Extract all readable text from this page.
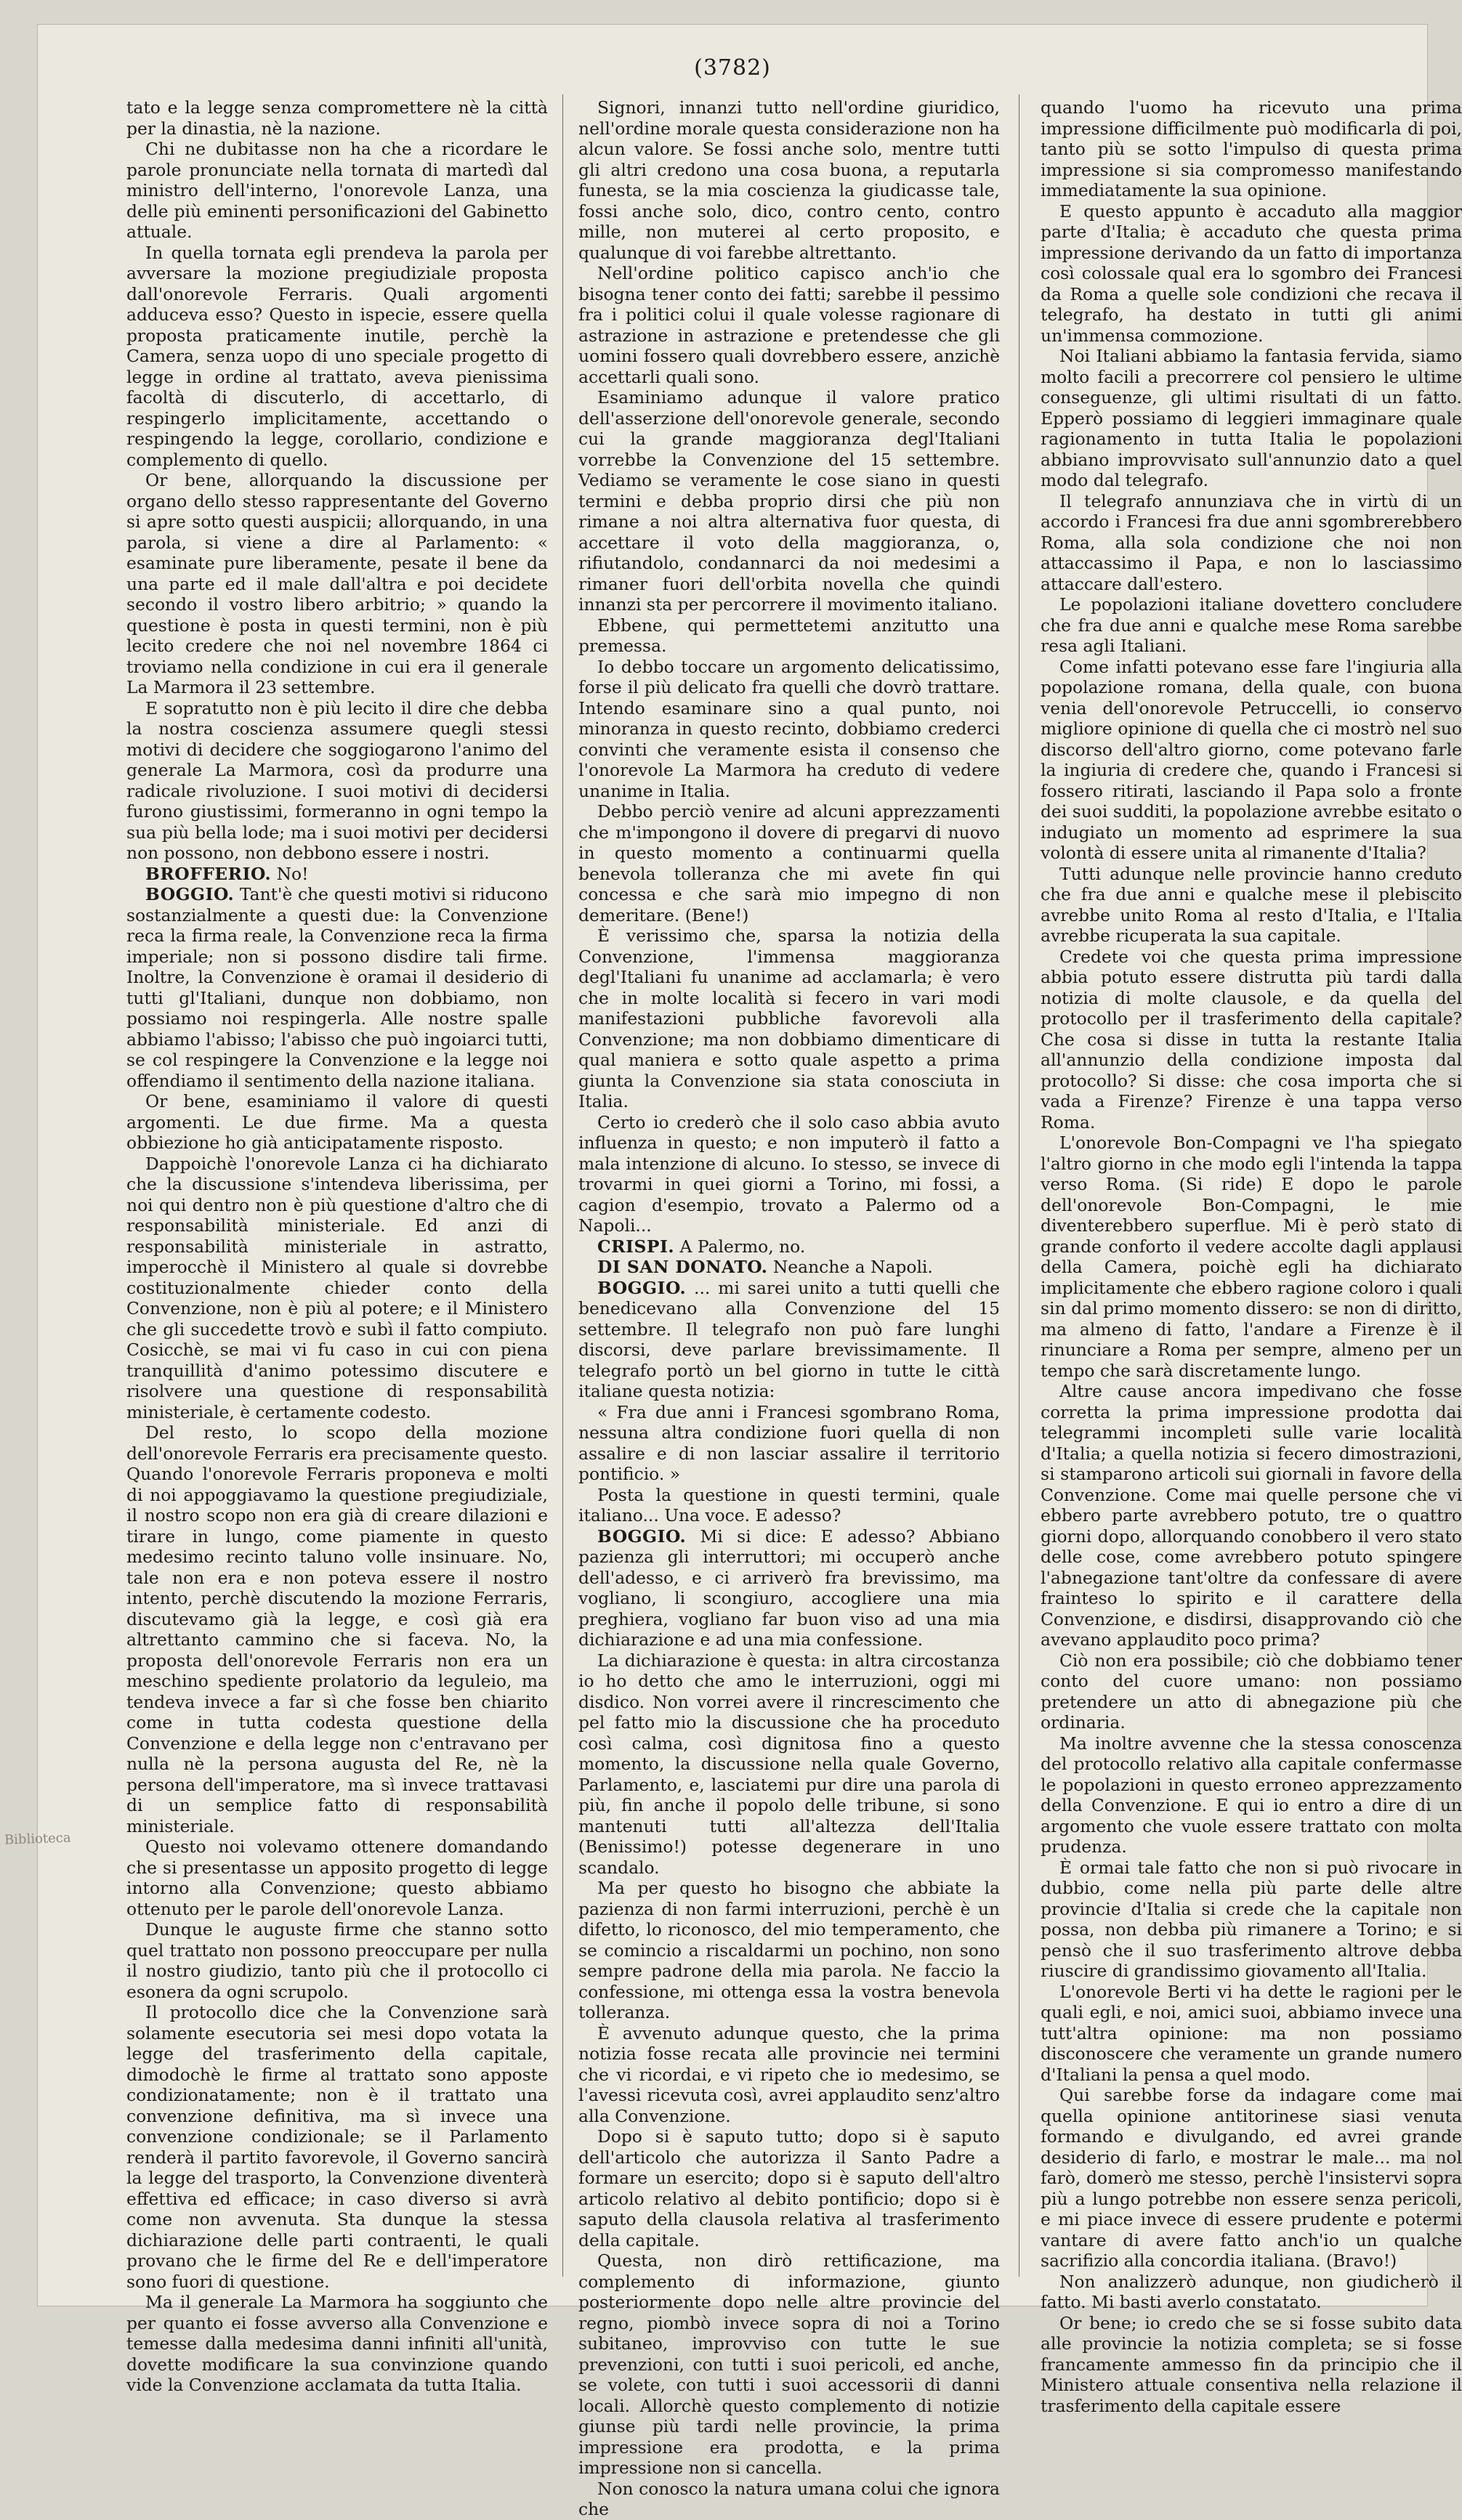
(3782)

tato e la legge senza compromettere nè la città per la dinastia, nè la nazione.

Chi ne dubitasse non ha che a ricordare le parole pronunciate nella tornata di martedì dal ministro dell'interno, l'onorevole Lanza, una delle più eminenti personificazioni del Gabinetto attuale.

In quella tornata egli prendeva la parola per avversare la mozione pregiudiziale proposta dall'onorevole Ferraris. Quali argomenti adduceva esso? Questo in ispecie, essere quella proposta praticamente inutile, perchè la Camera, senza uopo di uno speciale progetto di legge in ordine al trattato, aveva pienissima facoltà di discuterlo, di accettarlo, di respingerlo implicitamente, accettando o respingendo la legge, corollario, condizione e complemento di quello.

Or bene, allorquando la discussione per organo dello stesso rappresentante del Governo si apre sotto questi auspicii; allorquando, in una parola, si viene a dire al Parlamento: « esaminate pure liberamente, pesate il bene da una parte ed il male dall'altra e poi decidete secondo il vostro libero arbitrio; » quando la questione è posta in questi termini, non è più lecito credere che noi nel novembre 1864 ci troviamo nella condizione in cui era il generale La Marmora il 23 settembre.

E sopratutto non è più lecito il dire che debba la nostra coscienza assumere quegli stessi motivi di decidere che soggiogarono l'animo del generale La Marmora, così da produrre una radicale rivoluzione. I suoi motivi di decidersi furono giustissimi, formeranno in ogni tempo la sua più bella lode; ma i suoi motivi per decidersi non possono, non debbono essere i nostri.

BROFFERIO. No!

BOGGIO. Tant'è che questi motivi si riducono sostanzialmente a questi due: la Convenzione reca la firma reale, la Convenzione reca la firma imperiale; non si possono disdire tali firme. Inoltre, la Convenzione è oramai il desiderio di tutti gl'Italiani, dunque non dobbiamo, non possiamo noi respingerla. Alle nostre spalle abbiamo l'abisso; l'abisso che può ingoiarci tutti, se col respingere la Convenzione e la legge noi offendiamo il sentimento della nazione italiana.

Or bene, esaminiamo il valore di questi argomenti. Le due firme. Ma a questa obbiezione ho già anticipatamente risposto.

Dappoichè l'onorevole Lanza ci ha dichiarato che la discussione s'intendeva liberissima, per noi qui dentro non è più questione d'altro che di responsabilità ministeriale. Ed anzi di responsabilità ministeriale in astratto, imperocchè il Ministero al quale si dovrebbe costituzionalmente chieder conto della Convenzione, non è più al potere; e il Ministero che gli succedette trovò e subì il fatto compiuto. Cosicchè, se mai vi fu caso in cui con piena tranquillità d'animo potessimo discutere e risolvere una questione di responsabilità ministeriale, è certamente codesto.

Del resto, lo scopo della mozione dell'onorevole Ferraris era precisamente questo. Quando l'onorevole Ferraris proponeva e molti di noi appoggiavamo la questione pregiudiziale, il nostro scopo non era già di creare dilazioni e tirare in lungo, come piamente in questo medesimo recinto taluno volle insinuare. No, tale non era e non poteva essere il nostro intento, perchè discutendo la mozione Ferraris, discutevamo già la legge, e così già era altrettanto cammino che si faceva. No, la proposta dell'onorevole Ferraris non era un meschino spediente prolatorio da leguleio, ma tendeva invece a far sì che fosse ben chiarito come in tutta codesta questione della Convenzione e della legge non c'entravano per nulla nè la persona augusta del Re, nè la persona dell'imperatore, ma sì invece trattavasi di un semplice fatto di responsabilità ministeriale.

Questo noi volevamo ottenere domandando che si presentasse un apposito progetto di legge intorno alla Convenzione; questo abbiamo ottenuto per le parole dell'onorevole Lanza.

Dunque le auguste firme che stanno sotto quel trattato non possono preoccupare per nulla il nostro giudizio, tanto più che il protocollo ci esonera da ogni scrupolo.

Il protocollo dice che la Convenzione sarà solamente esecutoria sei mesi dopo votata la legge del trasferimento della capitale, dimodochè le firme al trattato sono apposte condizionatamente; non è il trattato una convenzione definitiva, ma sì invece una convenzione condizionale; se il Parlamento renderà il partito favorevole, il Governo sancirà la legge del trasporto, la Convenzione diventerà effettiva ed efficace; in caso diverso si avrà come non avvenuta. Sta dunque la stessa dichiarazione delle parti contraenti, le quali provano che le firme del Re e dell'imperatore sono fuori di questione.

Ma il generale La Marmora ha soggiunto che per quanto ei fosse avverso alla Convenzione e temesse dalla medesima danni infiniti all'unità, dovette modificare la sua convinzione quando vide la Convenzione acclamata da tutta Italia.

Signori, innanzi tutto nell'ordine giuridico, nell'ordine morale questa considerazione non ha alcun valore. Se fossi anche solo, mentre tutti gli altri credono una cosa buona, a reputarla funesta, se la mia coscienza la giudicasse tale, fossi anche solo, dico, contro cento, contro mille, non muterei al certo proposito, e qualunque di voi farebbe altrettanto.

Nell'ordine politico capisco anch'io che bisogna tener conto dei fatti; sarebbe il pessimo fra i politici colui il quale volesse ragionare di astrazione in astrazione e pretendesse che gli uomini fossero quali dovrebbero essere, anzichè accettarli quali sono.

Esaminiamo adunque il valore pratico dell'asserzione dell'onorevole generale, secondo cui la grande maggioranza degl'Italiani vorrebbe la Convenzione del 15 settembre. Vediamo se veramente le cose siano in questi termini e debba proprio dirsi che più non rimane a noi altra alternativa fuor questa, di accettare il voto della maggioranza, o, rifiutandolo, condannarci da noi medesimi a rimaner fuori dell'orbita novella che quindi innanzi sta per percorrere il movimento italiano.

Ebbene, qui permettetemi anzitutto una premessa.

Io debbo toccare un argomento delicatissimo, forse il più delicato fra quelli che dovrò trattare. Intendo esaminare sino a qual punto, noi minoranza in questo recinto, dobbiamo crederci convinti che veramente esista il consenso che l'onorevole La Marmora ha creduto di vedere unanime in Italia.

Debbo perciò venire ad alcuni apprezzamenti che m'impongono il dovere di pregarvi di nuovo in questo momento a continuarmi quella benevola tolleranza che mi avete fin qui concessa e che sarà mio impegno di non demeritare. (Bene!)

È verissimo che, sparsa la notizia della Convenzione, l'immensa maggioranza degl'Italiani fu unanime ad acclamarla; è vero che in molte località si fecero in vari modi manifestazioni pubbliche favorevoli alla Convenzione; ma non dobbiamo dimenticare di qual maniera e sotto quale aspetto a prima giunta la Convenzione sia stata conosciuta in Italia.

Certo io crederò che il solo caso abbia avuto influenza in questo; e non imputerò il fatto a mala intenzione di alcuno. Io stesso, se invece di trovarmi in quei giorni a Torino, mi fossi, a cagion d'esempio, trovato a Palermo od a Napoli...

CRISPI. A Palermo, no.

DI SAN DONATO. Neanche a Napoli.

BOGGIO. ... mi sarei unito a tutti quelli che benedicevano alla Convenzione del 15 settembre. Il telegrafo non può fare lunghi discorsi, deve parlare brevissimamente. Il telegrafo portò un bel giorno in tutte le città italiane questa notizia:

« Fra due anni i Francesi sgombrano Roma, nessuna altra condizione fuori quella di non assalire e di non lasciar assalire il territorio pontificio. »

Posta la questione in questi termini, quale italiano... Una voce. E adesso?

BOGGIO. Mi si dice: E adesso? Abbiano pazienza gli interruttori; mi occuperò anche dell'adesso, e ci arriverò fra brevissimo, ma vogliano, li scongiuro, accogliere una mia preghiera, vogliano far buon viso ad una mia dichiarazione e ad una mia confessione.

La dichiarazione è questa: in altra circostanza io ho detto che amo le interruzioni, oggi mi disdico. Non vorrei avere il rincrescimento che pel fatto mio la discussione che ha proceduto così calma, così dignitosa fino a questo momento, la discussione nella quale Governo, Parlamento, e, lasciatemi pur dire una parola di più, fin anche il popolo delle tribune, si sono mantenuti tutti all'altezza dell'Italia (Benissimo!) potesse degenerare in uno scandalo.

Ma per questo ho bisogno che abbiate la pazienza di non farmi interruzioni, perchè è un difetto, lo riconosco, del mio temperamento, che se comincio a riscaldarmi un pochino, non sono sempre padrone della mia parola. Ne faccio la confessione, mi ottenga essa la vostra benevola tolleranza.

È avvenuto adunque questo, che la prima notizia fosse recata alle provincie nei termini che vi ricordai, e vi ripeto che io medesimo, se l'avessi ricevuta così, avrei applaudito senz'altro alla Convenzione.

Dopo si è saputo tutto; dopo si è saputo dell'articolo che autorizza il Santo Padre a formare un esercito; dopo si è saputo dell'altro articolo relativo al debito pontificio; dopo si è saputo della clausola relativa al trasferimento della capitale.

Questa, non dirò rettificazione, ma complemento di informazione, giunto posteriormente dopo nelle altre provincie del regno, piombò invece sopra di noi a Torino subitaneo, improvviso con tutte le sue prevenzioni, con tutti i suoi pericoli, ed anche, se volete, con tutti i suoi accessorii di danni locali. Allorchè questo complemento di notizie giunse più tardi nelle provincie, la prima impressione era prodotta, e la prima impressione non si cancella.

Non conosco la natura umana colui che ignora che

quando l'uomo ha ricevuto una prima impressione difficilmente può modificarla di poi, tanto più se sotto l'impulso di questa prima impressione si sia compromesso manifestando immediatamente la sua opinione.

E questo appunto è accaduto alla maggior parte d'Italia; è accaduto che questa prima impressione derivando da un fatto di importanza così colossale qual era lo sgombro dei Francesi da Roma a quelle sole condizioni che recava il telegrafo, ha destato in tutti gli animi un'immensa commozione.

Noi Italiani abbiamo la fantasia fervida, siamo molto facili a precorrere col pensiero le ultime conseguenze, gli ultimi risultati di un fatto. Epperò possiamo di leggieri immaginare quale ragionamento in tutta Italia le popolazioni abbiano improvvisato sull'annunzio dato a quel modo dal telegrafo.

Il telegrafo annunziava che in virtù di un accordo i Francesi fra due anni sgombrerebbero Roma, alla sola condizione che noi non attaccassimo il Papa, e non lo lasciassimo attaccare dall'estero.

Le popolazioni italiane dovettero concludere che fra due anni e qualche mese Roma sarebbe resa agli Italiani.

Come infatti potevano esse fare l'ingiuria alla popolazione romana, della quale, con buona venia dell'onorevole Petruccelli, io conservo migliore opinione di quella che ci mostrò nel suo discorso dell'altro giorno, come potevano farle la ingiuria di credere che, quando i Francesi si fossero ritirati, lasciando il Papa solo a fronte dei suoi sudditi, la popolazione avrebbe esitato o indugiato un momento ad esprimere la sua volontà di essere unita al rimanente d'Italia?

Tutti adunque nelle provincie hanno creduto che fra due anni e qualche mese il plebiscito avrebbe unito Roma al resto d'Italia, e l'Italia avrebbe ricuperata la sua capitale.

Credete voi che questa prima impressione abbia potuto essere distrutta più tardi dalla notizia di molte clausole, e da quella del protocollo per il trasferimento della capitale? Che cosa si disse in tutta la restante Italia all'annunzio della condizione imposta dal protocollo? Si disse: che cosa importa che si vada a Firenze? Firenze è una tappa verso Roma.

L'onorevole Bon-Compagni ve l'ha spiegato l'altro giorno in che modo egli l'intenda la tappa verso Roma. (Si ride) E dopo le parole dell'onorevole Bon-Compagni, le mie diventerebbero superflue. Mi è però stato di grande conforto il vedere accolte dagli applausi della Camera, poichè egli ha dichiarato implicitamente che ebbero ragione coloro i quali sin dal primo momento dissero: se non di diritto, ma almeno di fatto, l'andare a Firenze è il rinunciare a Roma per sempre, almeno per un tempo che sarà discretamente lungo.

Altre cause ancora impedivano che fosse corretta la prima impressione prodotta dai telegrammi incompleti sulle varie località d'Italia; a quella notizia si fecero dimostrazioni, si stamparono articoli sui giornali in favore della Convenzione. Come mai quelle persone che vi ebbero parte avrebbero potuto, tre o quattro giorni dopo, allorquando conobbero il vero stato delle cose, come avrebbero potuto spingere l'abnegazione tant'oltre da confessare di avere frainteso lo spirito e il carattere della Convenzione, e disdirsi, disapprovando ciò che avevano applaudito poco prima?

Ciò non era possibile; ciò che dobbiamo tener conto del cuore umano: non possiamo pretendere un atto di abnegazione più che ordinaria.

Ma inoltre avvenne che la stessa conoscenza del protocollo relativo alla capitale confermasse le popolazioni in questo erroneo apprezzamento della Convenzione. E qui io entro a dire di un argomento che vuole essere trattato con molta prudenza.

È ormai tale fatto che non si può rivocare in dubbio, come nella più parte delle altre provincie d'Italia si crede che la capitale non possa, non debba più rimanere a Torino; e si pensò che il suo trasferimento altrove debba riuscire di grandissimo giovamento all'Italia.

L'onorevole Berti vi ha dette le ragioni per le quali egli, e noi, amici suoi, abbiamo invece una tutt'altra opinione: ma non possiamo disconoscere che veramente un grande numero d'Italiani la pensa a quel modo.

Qui sarebbe forse da indagare come mai quella opinione antitorinese siasi venuta formando e divulgando, ed avrei grande desiderio di farlo, e mostrar le male... ma nol farò, domerò me stesso, perchè l'insistervi sopra più a lungo potrebbe non essere senza pericoli, e mi piace invece di essere prudente e potermi vantare di avere fatto anch'io un qualche sacrifizio alla concordia italiana. (Bravo!)

Non analizzerò adunque, non giudicherò il fatto. Mi basti averlo constatato.

Or bene; io credo che se si fosse subito data alle provincie la notizia completa; se si fosse francamente ammesso fin da principio che il Ministero attuale consentiva nella relazione il trasferimento della capitale essere

Biblioteca
